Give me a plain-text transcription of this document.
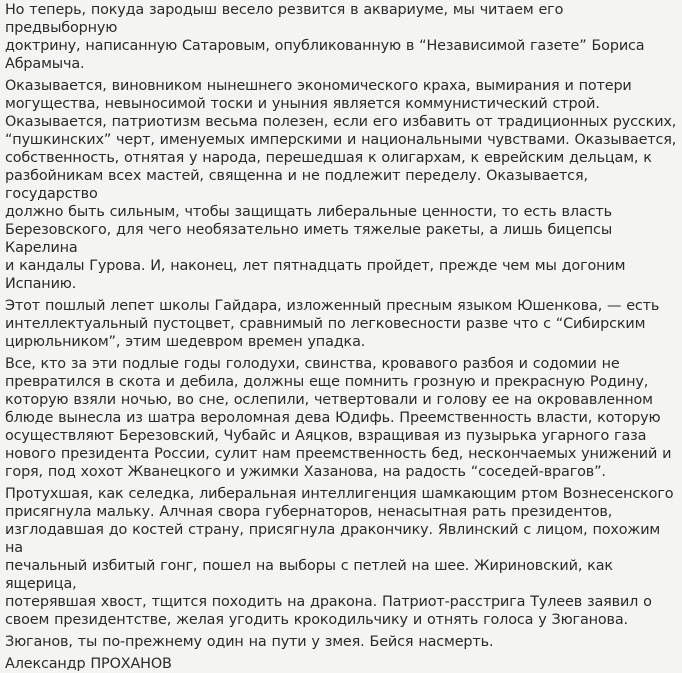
Но теперь, покуда зародыш весело резвится в аквариуме, мы читаем его предвыборную
доктрину, написанную Сатаровым, опубликованную в “Независимой газете” Бориса
Абрамыча.

Оказывается, виновником нынешнего экономического краха, вымирания и потери
могущества, невыносимой тоски и уныния является коммунистический строй.
Оказывается, патриотизм весьма полезен, если его избавить от традиционных русских,
“пушкинских” черт, именуемых имперскими и национальными чувствами. Оказывается,
собственность, отнятая у народа, перешедшая к олигархам, к еврейским дельцам, к
разбойникам всех мастей, священна и не подлежит переделу. Оказывается, государство
должно быть сильным, чтобы защищать либеральные ценности, то есть власть
Березовского, для чего необязательно иметь тяжелые ракеты, а лишь бицепсы Карелина
и кандалы Гурова. И, наконец, лет пятнадцать пройдет, прежде чем мы догоним
Испанию.

Этот пошлый лепет школы Гайдара, изложенный пресным языком Юшенкова, — есть
интеллектуальный пустоцвет, сравнимый по легковесности разве что с “Сибирским
цирюльником”, этим шедевром времен упадка.

Все, кто за эти подлые годы голодухи, свинства, кровавого разбоя и содомии не
превратился в скота и дебила, должны еще помнить грозную и прекрасную Родину,
которую взяли ночью, во сне, ослепили, четвертовали и голову ее на окровавленном
блюде вынесла из шатра вероломная дева Юдифь. Преемственность власти, которую
осуществляют Березовский, Чубайс и Аяцков, взращивая из пузырька угарного газа
нового президента России, сулит нам преемственность бед, нескончаемых унижений и
горя, под хохот Жванецкого и ужимки Хазанова, на радость “соседей-врагов”.

Протухшая, как селедка, либеральная интеллигенция шамкающим ртом Вознесенского
присягнула мальку. Алчная свора губернаторов, ненасытная рать президентов,
изглодавшая до костей страну, присягнула дракончику. Явлинский с лицом, похожим на
печальный избитый гонг, пошел на выборы с петлей на шее. Жириновский, как ящерица,
потерявшая хвост, тщится походить на дракона. Патриот-расстрига Тулеев заявил о
своем президентстве, желая угодить крокодильчику и отнять голоса у Зюганова.

Зюганов, ты по-прежнему один на пути у змея. Бейся насмерть.

Александр ПРОХАНОВ
